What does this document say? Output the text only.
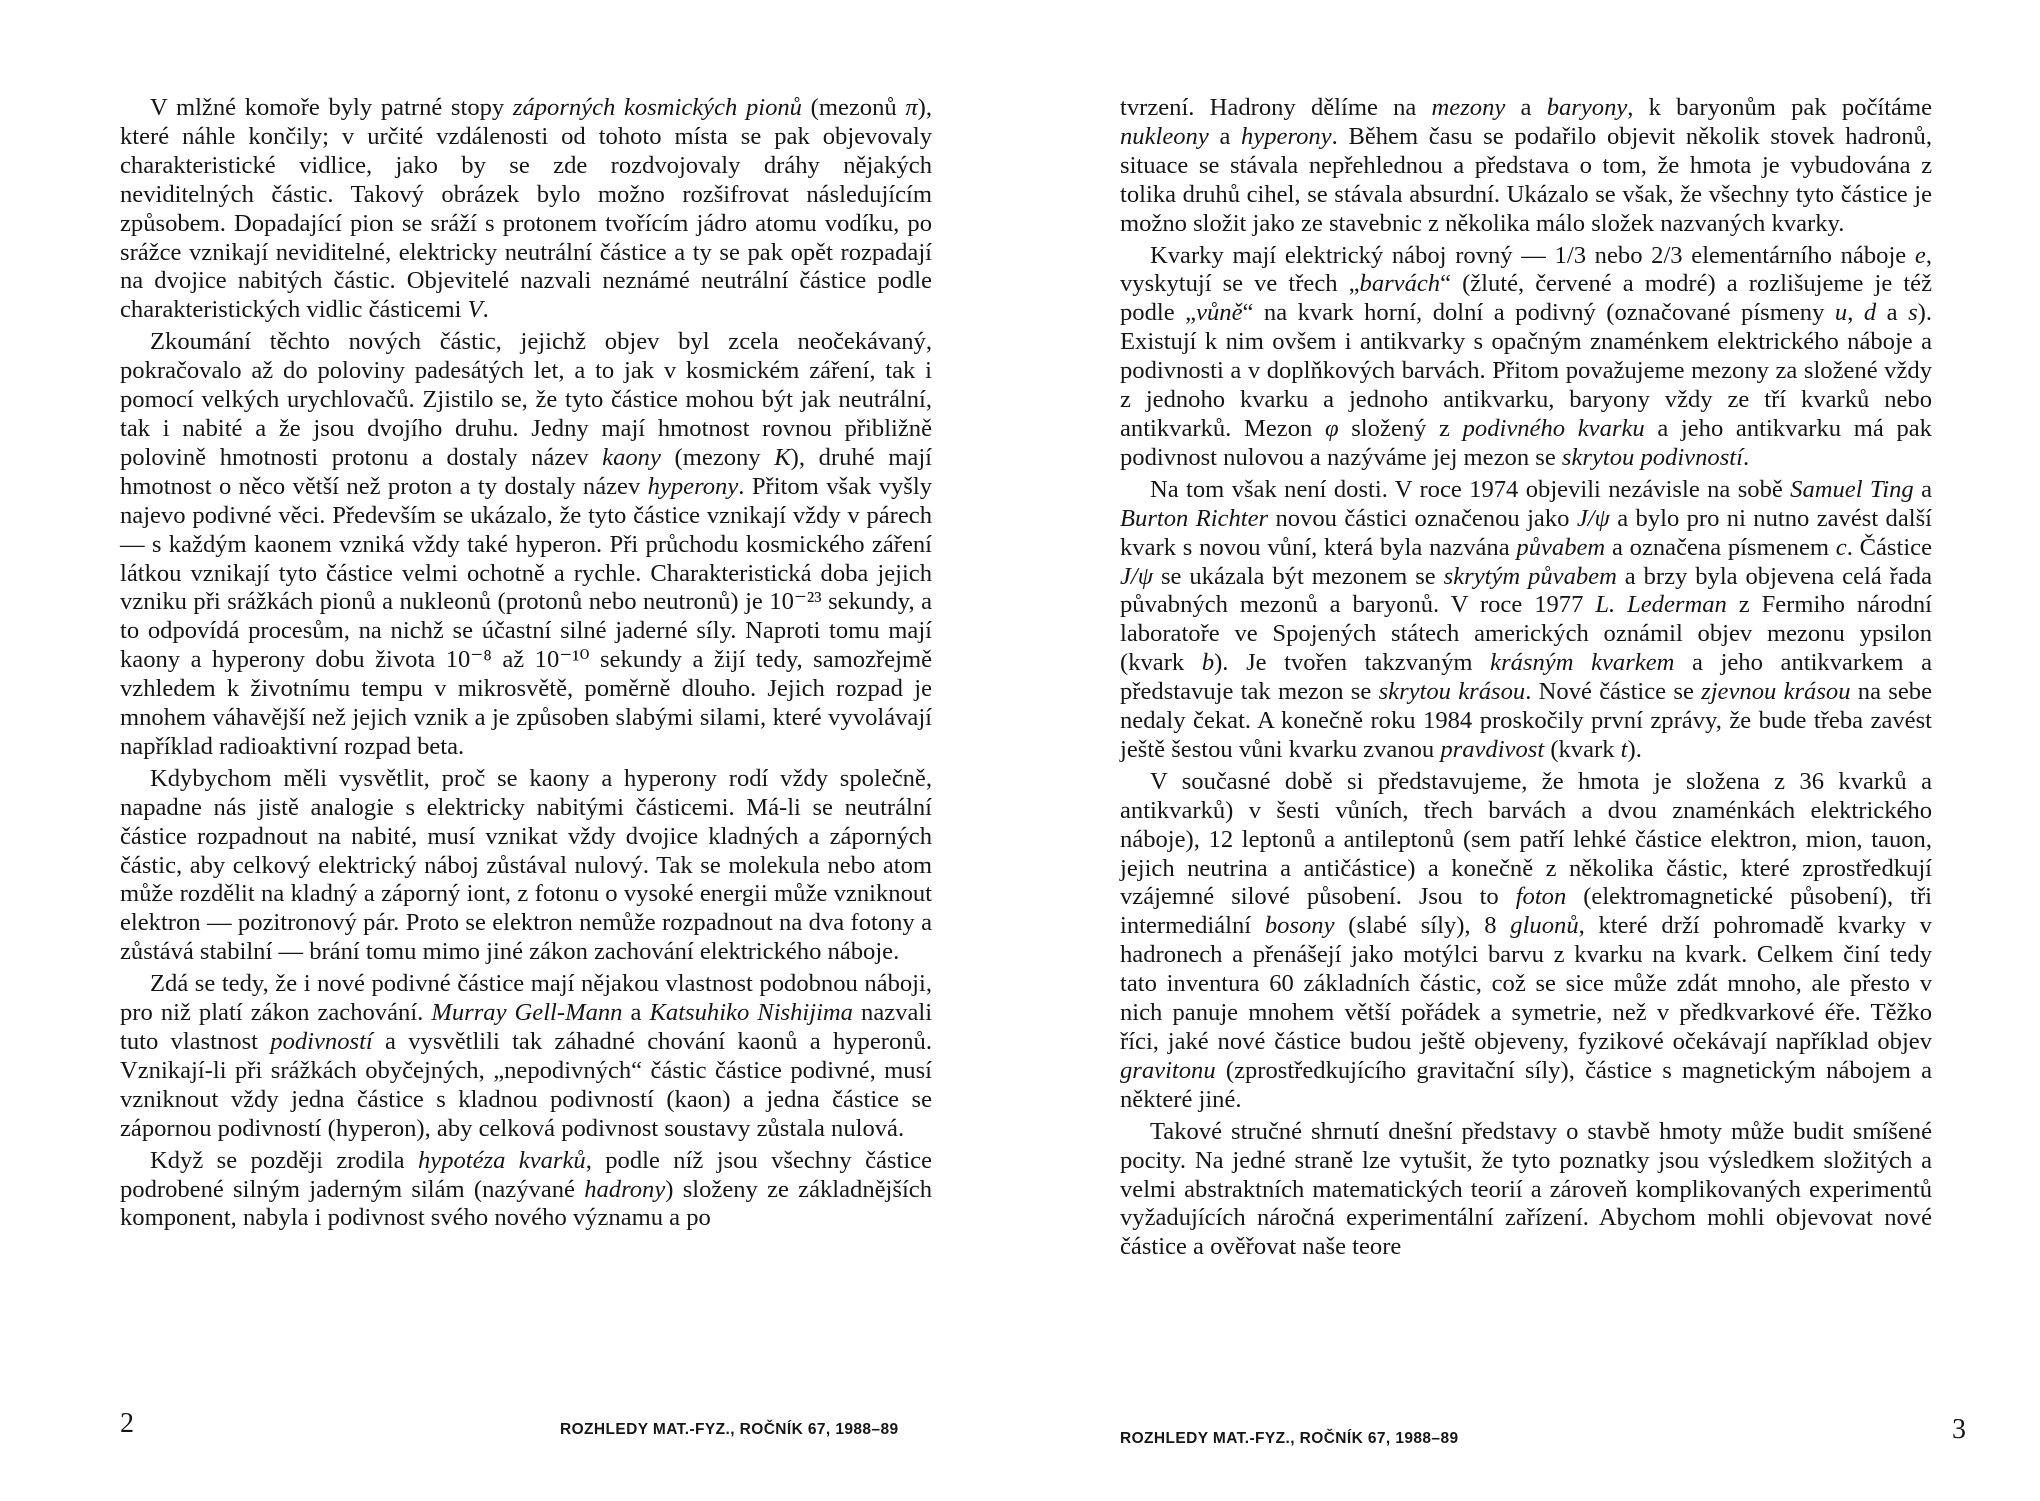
V mlžné komoře byly patrné stopy záporných kosmických pionů (mezonů π), které náhle končily; v určité vzdálenosti od tohoto místa se pak objevovaly charakteristické vidlice, jako by se zde rozdvojovaly dráhy nějakých neviditelných částic. Takový obrázek bylo možno rozšifrovat následujícím způsobem. Dopadající pion se sráží s protonem tvořícím jádro atomu vodíku, po srážce vznikají neviditelné, elektricky neutrální částice a ty se pak opět rozpadají na dvojice nabitých částic. Objevitelé nazvali neznámé neutrální částice podle charakteristických vidlic částicemi V.

Zkoumání těchto nových částic, jejichž objev byl zcela neočekávaný, pokračovalo až do poloviny padesátých let, a to jak v kosmickém záření, tak i pomocí velkých urychlovačů. Zjistilo se, že tyto částice mohou být jak neutrální, tak i nabité a že jsou dvojího druhu. Jedny mají hmotnost rovnou přibližně polovině hmotnosti protonu a dostaly název kaony (mezony K), druhé mají hmotnost o něco větší než proton a ty dostaly název hyperony. Přitom však vyšly najevo podivné věci. Především se ukázalo, že tyto částice vznikají vždy v párech — s každým kaonem vzniká vždy také hyperon. Při průchodu kosmického záření látkou vznikají tyto částice velmi ochotně a rychle. Charakteristická doba jejich vzniku při srážkách pionů a nukleonů (protonů nebo neutronů) je 10⁻²³ sekundy, a to odpovídá procesům, na nichž se účastní silné jaderné síly. Naproti tomu mají kaony a hyperony dobu života 10⁻⁸ až 10⁻¹⁰ sekundy a žijí tedy, samozřejmě vzhledem k životnímu tempu v mikrosvětě, poměrně dlouho. Jejich rozpad je mnohem váhavější než jejich vznik a je způsoben slabými silami, které vyvolávají například radioaktivní rozpad beta.

Kdybychom měli vysvětlit, proč se kaony a hyperony rodí vždy společně, napadne nás jistě analogie s elektricky nabitými částicemi. Má-li se neutrální částice rozpadnout na nabité, musí vznikat vždy dvojice kladných a záporných částic, aby celkový elektrický náboj zůstával nulový. Tak se molekula nebo atom může rozdělit na kladný a záporný iont, z fotonu o vysoké energii může vzniknout elektron — pozitronový pár. Proto se elektron nemůže rozpadnout na dva fotony a zůstává stabilní — brání tomu mimo jiné zákon zachování elektrického náboje.

Zdá se tedy, že i nové podivné částice mají nějakou vlastnost podobnou náboji, pro niž platí zákon zachování. Murray Gell-Mann a Katsuhiko Nishijima nazvali tuto vlastnost podivností a vysvětlili tak záhadné chování kaonů a hyperonů. Vznikají-li při srážkách obyčejných, „nepodivných“ částic částice podivné, musí vzniknout vždy jedna částice s kladnou podivností (kaon) a jedna částice se zápornou podivností (hyperon), aby celková podivnost soustavy zůstala nulová.

Když se později zrodila hypotéza kvarků, podle níž jsou všechny částice podrobené silným jaderným silám (nazývané hadrony) složeny ze základnějších komponent, nabyla i podivnost svého nového významu a po

2	ROZHLEDY MAT.-FYZ., ROČNÍK 67, 1988–89

tvrzení. Hadrony dělíme na mezony a baryony, k baryonům pak počítáme nukleony a hyperony. Během času se podařilo objevit několik stovek hadronů, situace se stávala nepřehlednou a představa o tom, že hmota je vybudována z tolika druhů cihel, se stávala absurdní. Ukázalo se však, že všechny tyto částice je možno složit jako ze stavebnic z několika málo složek nazvaných kvarky.

Kvarky mají elektrický náboj rovný — 1/3 nebo 2/3 elementárního náboje e, vyskytují se ve třech „barvách“ (žluté, červené a modré) a rozlišujeme je též podle „vůně“ na kvark horní, dolní a podivný (označované písmeny u, d a s). Existují k nim ovšem i antikvarky s opačným znaménkem elektrického náboje a podivnosti a v doplňkových barvách. Přitom považujeme mezony za složené vždy z jednoho kvarku a jednoho antikvarku, baryony vždy ze tří kvarků nebo antikvarků. Mezon φ složený z podivného kvarku a jeho antikvarku má pak podivnost nulovou a nazýváme jej mezon se skrytou podivností.

Na tom však není dosti. V roce 1974 objevili nezávisle na sobě Samuel Ting a Burton Richter novou částici označenou jako J/ψ a bylo pro ni nutno zavést další kvark s novou vůní, která byla nazvána půvabem a označena písmenem c. Částice J/ψ se ukázala být mezonem se skrytým půvabem a brzy byla objevena celá řada půvabných mezonů a baryonů. V roce 1977 L. Lederman z Fermiho národní laboratoře ve Spojených státech amerických oznámil objev mezonu ypsilon (kvark b). Je tvořen takzvaným krásným kvarkem a jeho antikvarkem a představuje tak mezon se skrytou krásou. Nové částice se zjevnou krásou na sebe nedaly čekat. A konečně roku 1984 proskočily první zprávy, že bude třeba zavést ještě šestou vůni kvarku zvanou pravdivost (kvark t).

V současné době si představujeme, že hmota je složena z 36 kvarků a antikvarků) v šesti vůních, třech barvách a dvou znaménkách elektrického náboje), 12 leptonů a antileptonů (sem patří lehké částice elektron, mion, tauon, jejich neutrina a antičástice) a konečně z několika částic, které zprostředkují vzájemné silové působení. Jsou to foton (elektromagnetické působení), tři intermediální bosony (slabé síly), 8 gluonů, které drží pohromadě kvarky v hadronech a přenášejí jako motýlci barvu z kvarku na kvark. Celkem činí tedy tato inventura 60 základních částic, což se sice může zdát mnoho, ale přesto v nich panuje mnohem větší pořádek a symetrie, než v předkvarkové éře. Těžko říci, jaké nové částice budou ještě objeveny, fyzikové očekávají například objev gravitonu (zprostředkujícího gravitační síly), částice s magnetickým nábojem a některé jiné.

Takové stručné shrnutí dnešní představy o stavbě hmoty může budit smíšené pocity. Na jedné straně lze vytušit, že tyto poznatky jsou výsledkem složitých a velmi abstraktních matematických teorií a zároveň komplikovaných experimentů vyžadujících náročná experimentální zařízení. Abychom mohli objevovat nové částice a ověřovat naše teore

3
ROZHLEDY MAT.-FYZ., ROČNÍK 67, 1988–89
